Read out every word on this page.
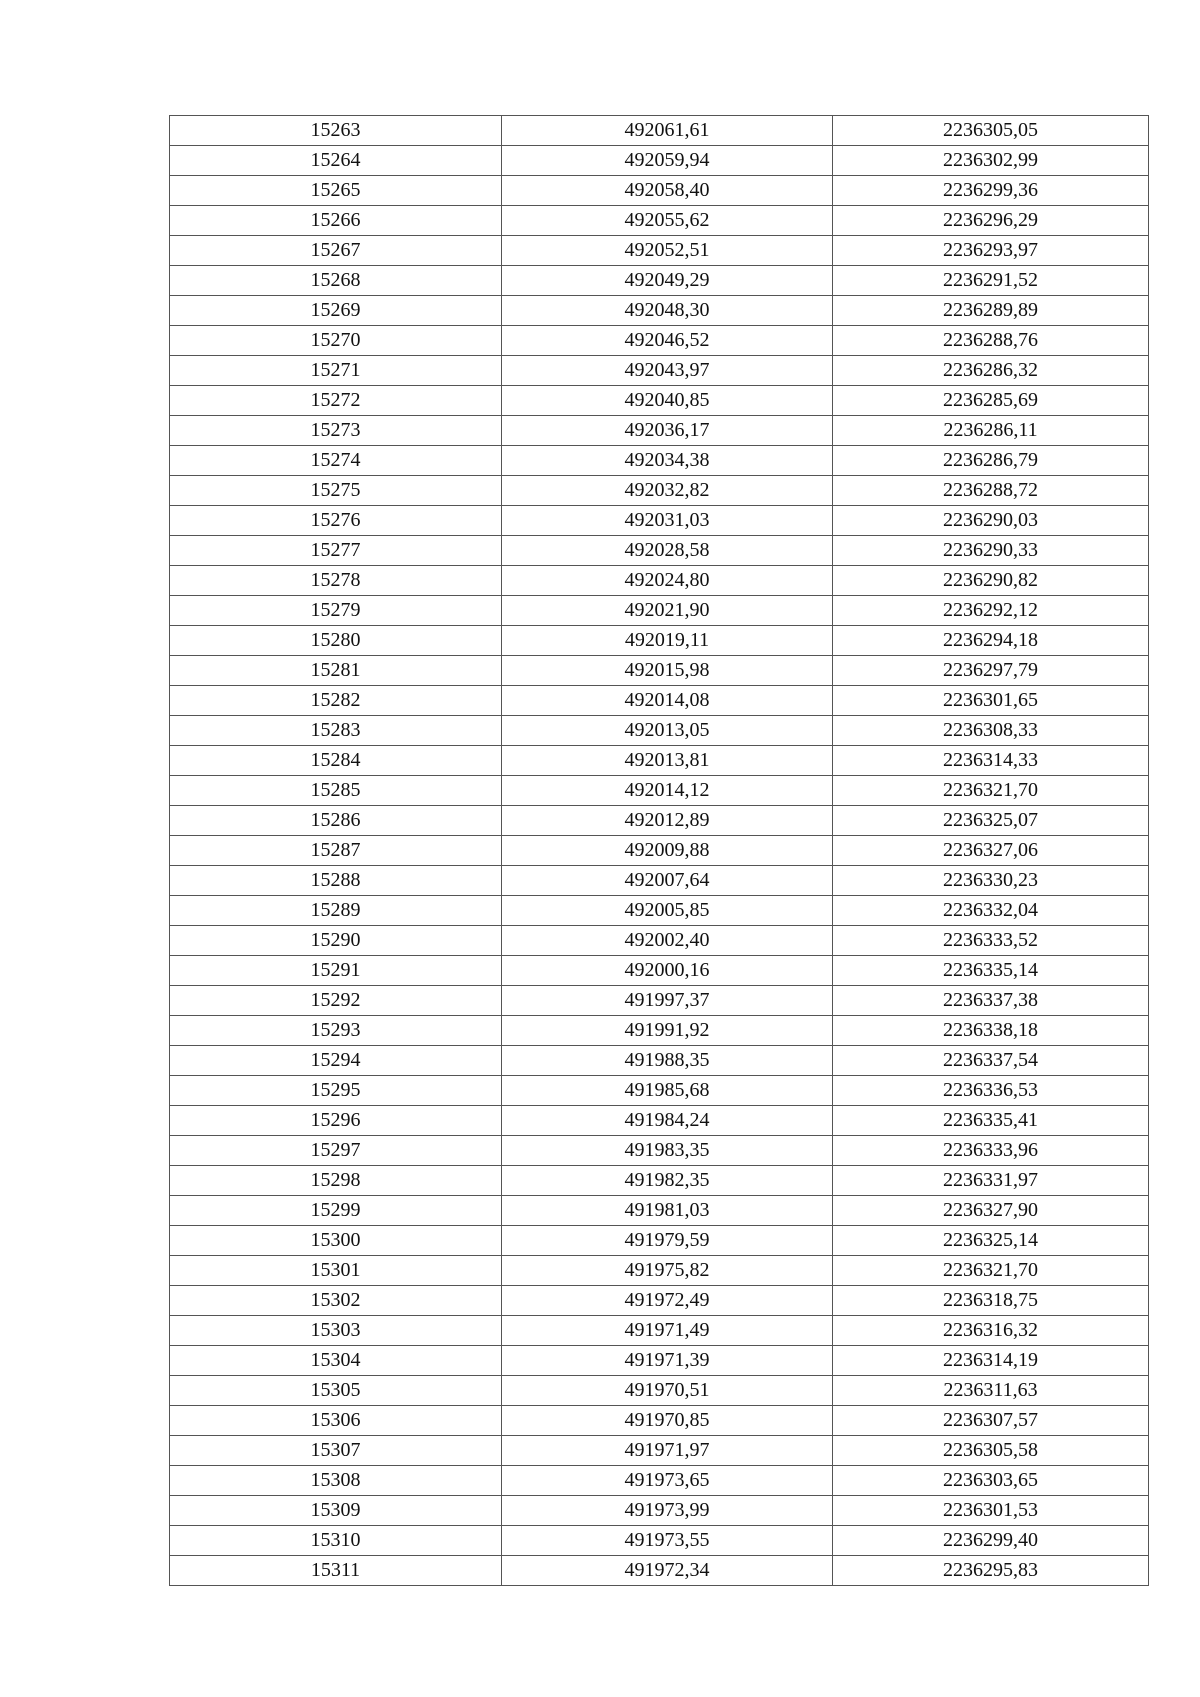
15263	492061,61	2236305,05
15264	492059,94	2236302,99
15265	492058,40	2236299,36
15266	492055,62	2236296,29
15267	492052,51	2236293,97
15268	492049,29	2236291,52
15269	492048,30	2236289,89
15270	492046,52	2236288,76
15271	492043,97	2236286,32
15272	492040,85	2236285,69
15273	492036,17	2236286,11
15274	492034,38	2236286,79
15275	492032,82	2236288,72
15276	492031,03	2236290,03
15277	492028,58	2236290,33
15278	492024,80	2236290,82
15279	492021,90	2236292,12
15280	492019,11	2236294,18
15281	492015,98	2236297,79
15282	492014,08	2236301,65
15283	492013,05	2236308,33
15284	492013,81	2236314,33
15285	492014,12	2236321,70
15286	492012,89	2236325,07
15287	492009,88	2236327,06
15288	492007,64	2236330,23
15289	492005,85	2236332,04
15290	492002,40	2236333,52
15291	492000,16	2236335,14
15292	491997,37	2236337,38
15293	491991,92	2236338,18
15294	491988,35	2236337,54
15295	491985,68	2236336,53
15296	491984,24	2236335,41
15297	491983,35	2236333,96
15298	491982,35	2236331,97
15299	491981,03	2236327,90
15300	491979,59	2236325,14
15301	491975,82	2236321,70
15302	491972,49	2236318,75
15303	491971,49	2236316,32
15304	491971,39	2236314,19
15305	491970,51	2236311,63
15306	491970,85	2236307,57
15307	491971,97	2236305,58
15308	491973,65	2236303,65
15309	491973,99	2236301,53
15310	491973,55	2236299,40
15311	491972,34	2236295,83
